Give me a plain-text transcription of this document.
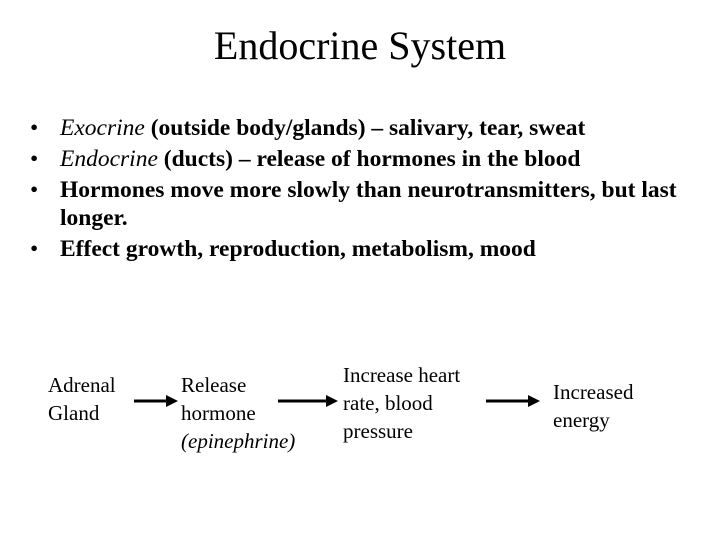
Endocrine System
• Exocrine (outside body/glands) – salivary, tear, sweat
• Endocrine (ducts) – release of hormones in the blood
• Hormones move more slowly than neurotransmitters, but last longer.
• Effect growth, reproduction, metabolism, mood
Adrenal
Gland
Release
hormone
(epinephrine)
Increase heart
rate, blood
pressure
Increased
energy
